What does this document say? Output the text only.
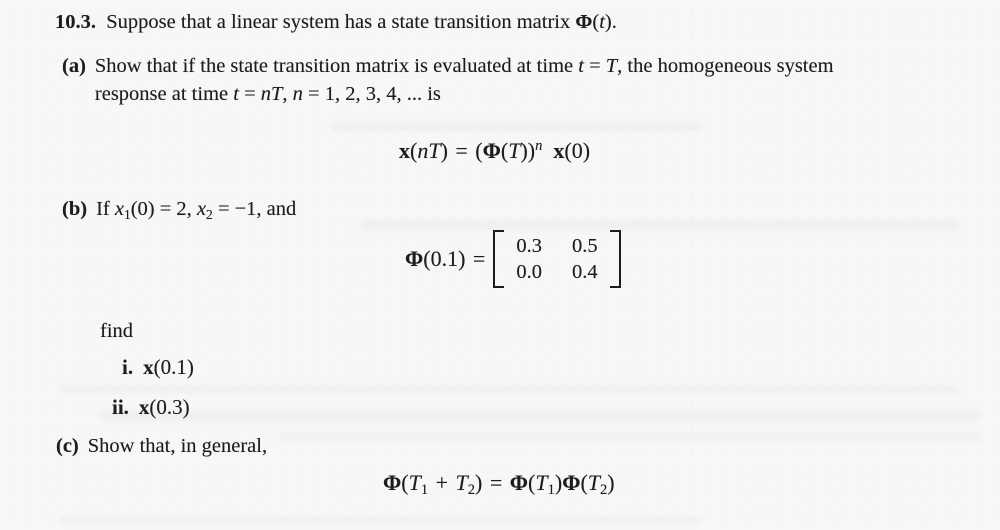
10.3. Suppose that a linear system has a state transition matrix Φ(t).
(a) Show that if the state transition matrix is evaluated at time t = T, the homogeneous system
response at time t = nT, n = 1, 2, 3, 4, ... is
$x(nT) = (\Phi(T))^n$  x(0)
(b) If x1(0) = 2, x2 = −1, and
Φ(0.1) = 0.3 0.5
0.0 0.4
find
i. x(0.1)
ii. x(0.3)
(c) Show that, in general,
Φ(T1 + T2) = Φ(T1)Φ(T2)
